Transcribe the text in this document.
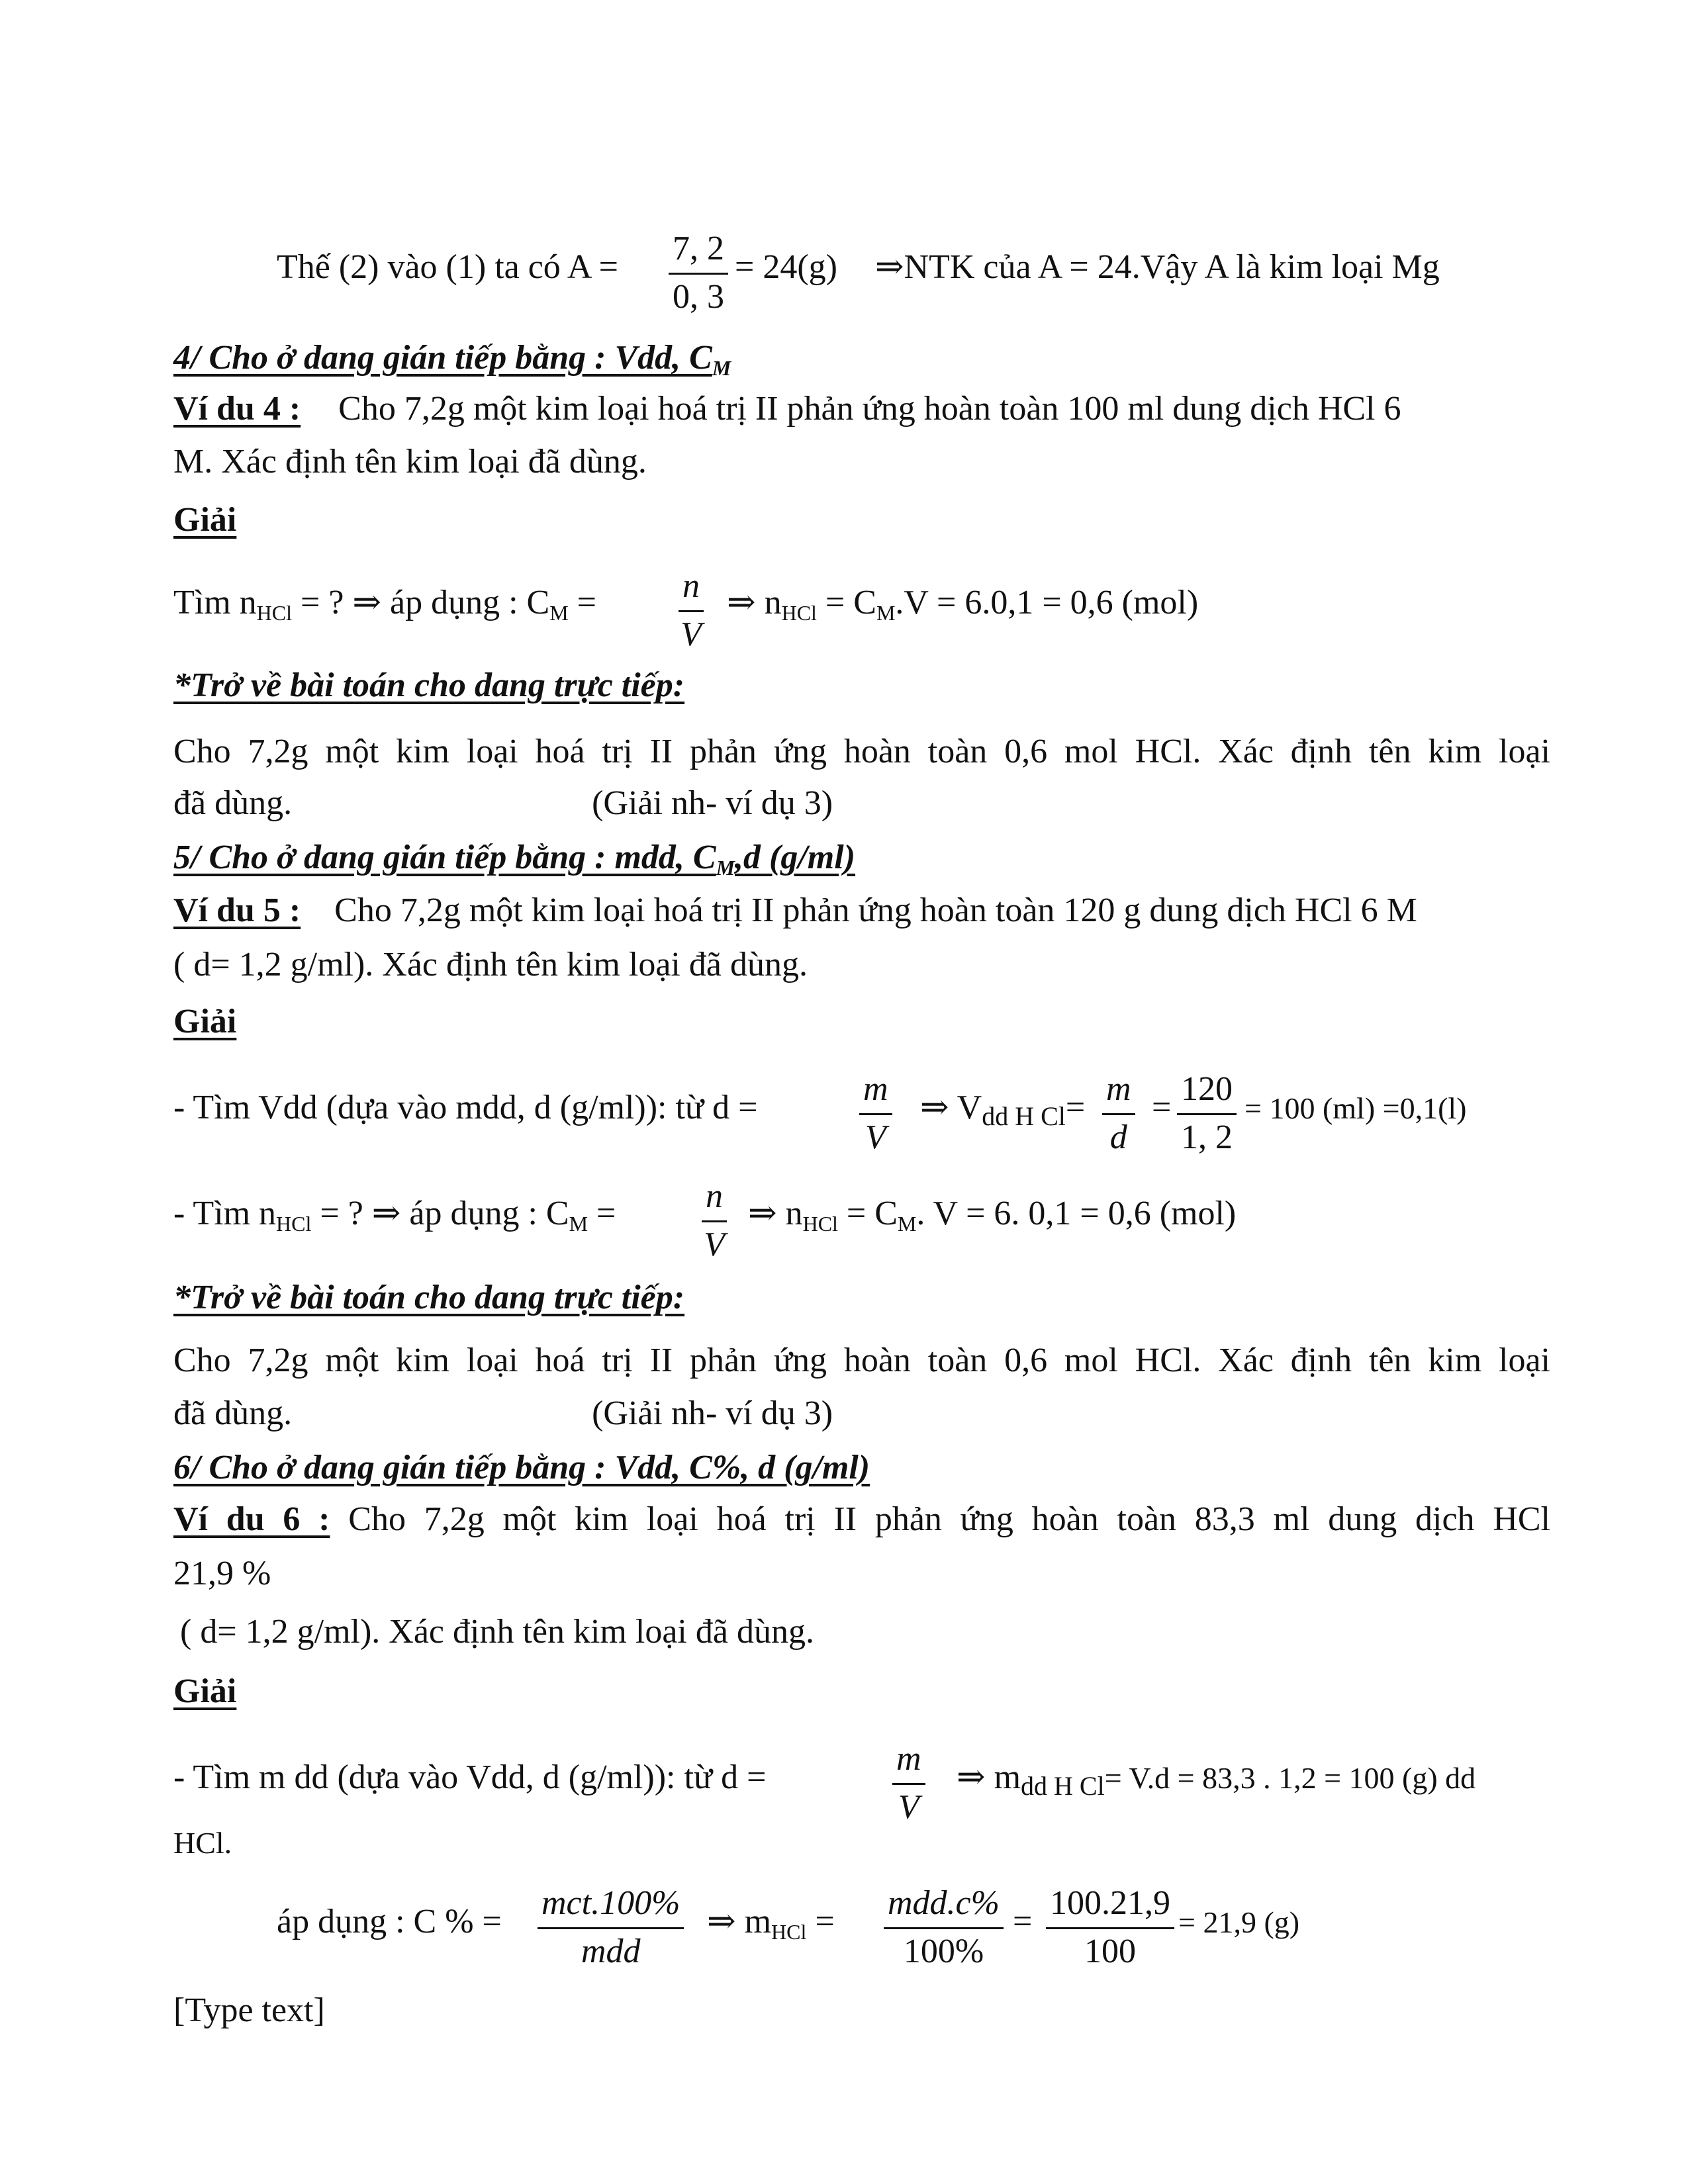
Thế (2) vào (1) ta có $A = \frac{7, 2}{0, 3} = 24(g)$ ⇒NTK của A = 24.Vậy A là kim loại Mg
4/ Cho ở dang gián tiếp bằng : Vdd, $C_M$
Ví du 4 : Cho 7,2g một kim loại hoá trị II phản ứng hoàn toàn 100 ml dung dịch HCl 6
M. Xác định tên kim loại đã dùng.
Giải
Tìm $n_{HCl}$ = ? ⇒ áp dụng : $C_M = \frac{n}{V}$ ⇒ $n_{HCl} = C_M.V = 6.0,1 = 0,6$ (mol)
*Trở về bài toán cho dang trực tiếp:
Cho 7,2g một kim loại hoá trị II phản ứng hoàn toàn 0,6 mol HCl. Xác định tên kim loại
đã dùng.	(Giải nh- ví dụ 3)
5/ Cho ở dang gián tiếp bằng : mdd, $C_M,d$ (g/ml)
Ví du 5 : Cho 7,2g một kim loại hoá trị II phản ứng hoàn toàn 120 g dung dịch HCl 6 M
( d= 1,2 g/ml). Xác định tên kim loại đã dùng.
Giải
- Tìm Vdd (dựa vào mdd, d (g/ml)): từ d =	$\frac{m}{V}$ ⇒ $V_{dd H Cl}= \frac{m}{d} = \frac{120}{1, 2} = 100$ (ml) =0,1(l)
- Tìm $n_{HCl}$ = ? ⇒ áp dụng : $C_M = \frac{n}{V}$ ⇒ $n_{HCl} = C_M$. V = 6. 0,1 = 0,6 (mol)
*Trở về bài toán cho dang trực tiếp:
Cho 7,2g một kim loại hoá trị II phản ứng hoàn toàn 0,6 mol HCl. Xác định tên kim loại
đã dùng.	(Giải nh- ví dụ 3)
6/ Cho ở dang gián tiếp bằng : Vdd, C%, d (g/ml)
Ví du 6 : Cho 7,2g một kim loại hoá trị II phản ứng hoàn toàn 83,3 ml dung dịch HCl
21,9 %
( d= 1,2 g/ml). Xác định tên kim loại đã dùng.
Giải
- Tìm m dd (dựa vào Vdd, d (g/ml)): từ d =	$\frac{m}{V}$ ⇒ $m_{dd H Cl}= V.d = 83,3$ . 1,2 = 100 (g) dd
HCl.
áp dụng : C % = mct.100%
mdd
⇒ $m_{HCl} = mdd.c\%$
100%
= $\frac{100.21,9}{100} = 21,9$ (g)
[Type text]
